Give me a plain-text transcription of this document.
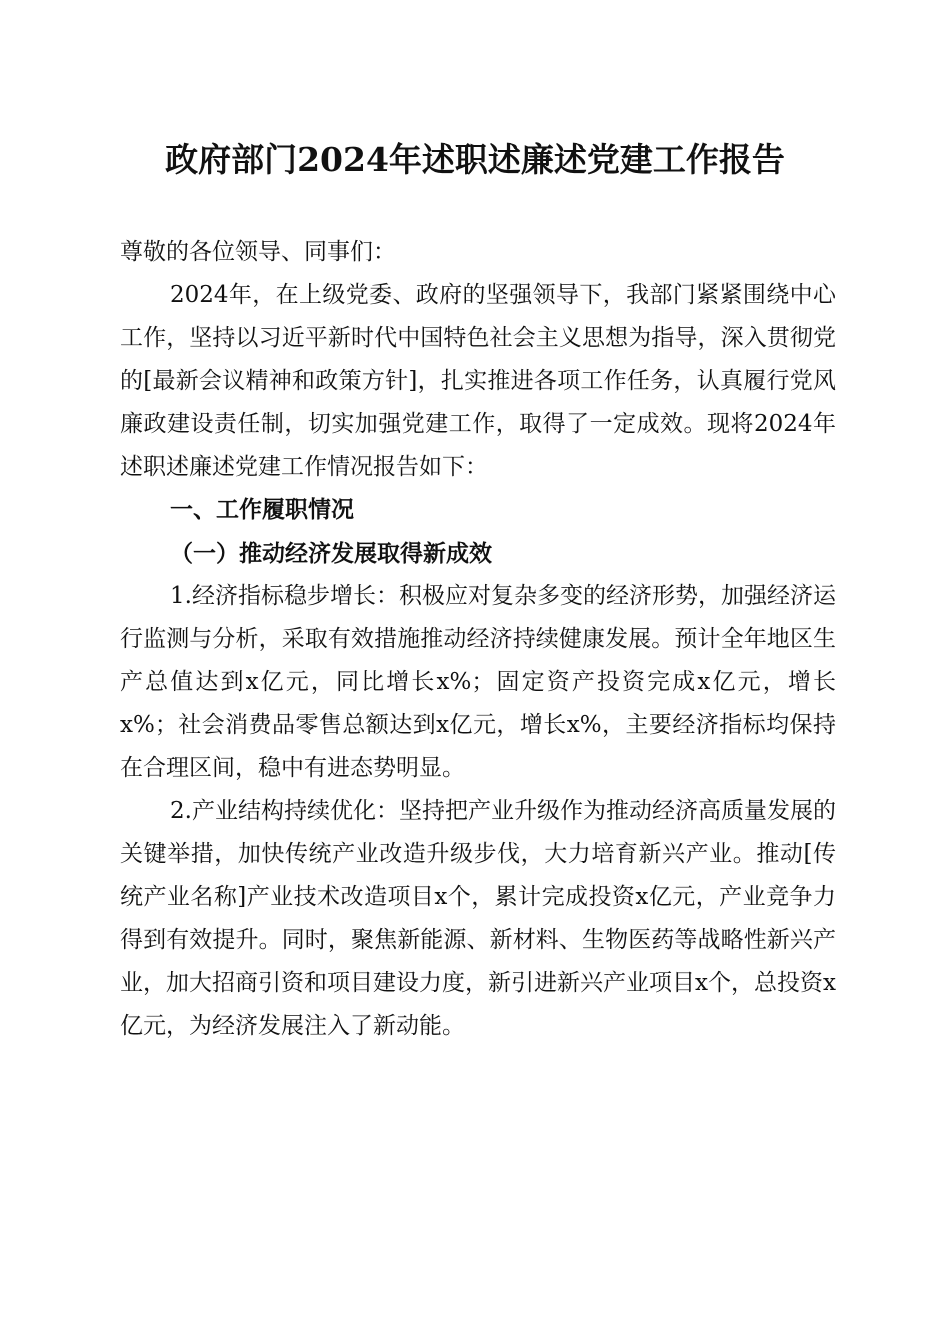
政府部门2024年述职述廉述党建工作报告

尊敬的各位领导、同事们：

2024年，在上级党委、政府的坚强领导下，我部门紧紧围绕中心工作，坚持以习近平新时代中国特色社会主义思想为指导，深入贯彻党的[最新会议精神和政策方针]，扎实推进各项工作任务，认真履行党风廉政建设责任制，切实加强党建工作，取得了一定成效。现将2024年述职述廉述党建工作情况报告如下：

一、工作履职情况

（一）推动经济发展取得新成效

1.经济指标稳步增长：积极应对复杂多变的经济形势，加强经济运行监测与分析，采取有效措施推动经济持续健康发展。预计全年地区生产总值达到x亿元，同比增长x%；固定资产投资完成x亿元，增长x%；社会消费品零售总额达到x亿元，增长x%，主要经济指标均保持在合理区间，稳中有进态势明显。

2.产业结构持续优化：坚持把产业升级作为推动经济高质量发展的关键举措，加快传统产业改造升级步伐，大力培育新兴产业。推动[传统产业名称]产业技术改造项目x个，累计完成投资x亿元，产业竞争力得到有效提升。同时，聚焦新能源、新材料、生物医药等战略性新兴产业，加大招商引资和项目建设力度，新引进新兴产业项目x个，总投资x亿元，为经济发展注入了新动能。
